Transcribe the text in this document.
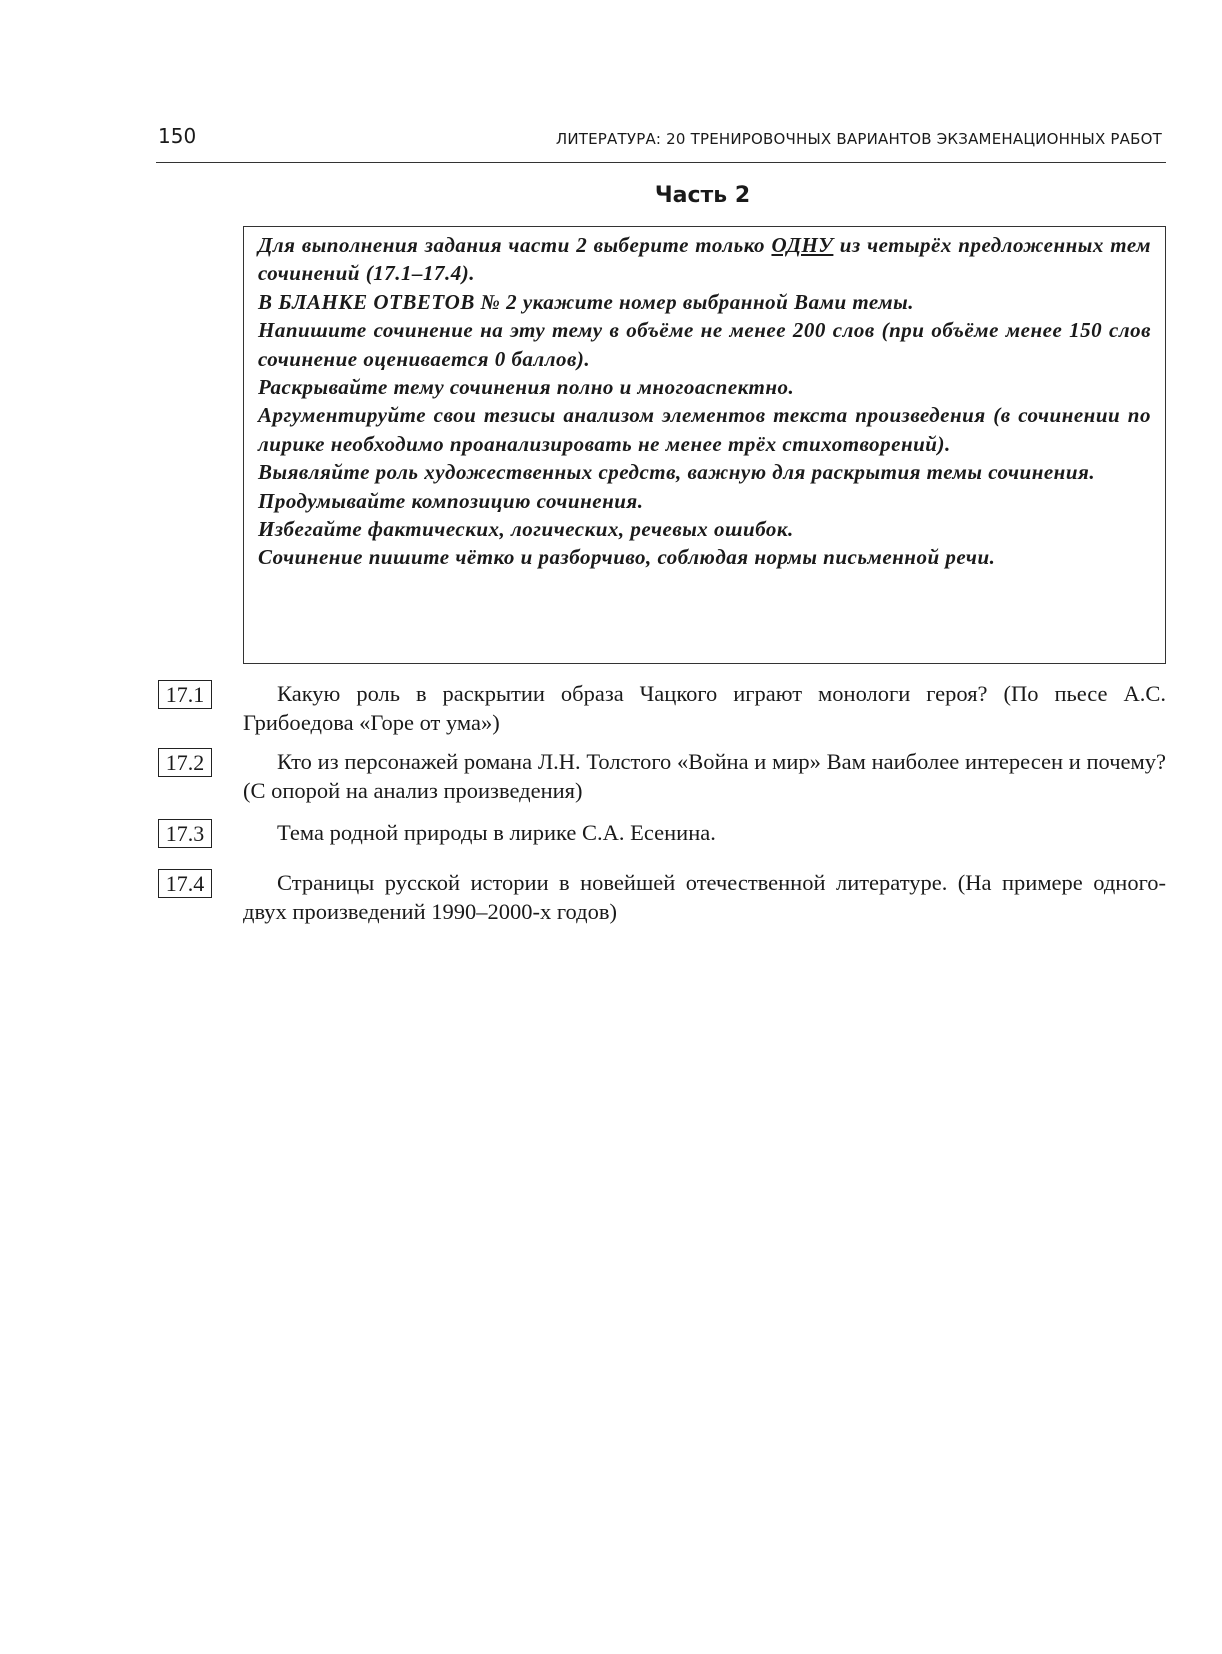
150	ЛИТЕРАТУРА: 20 ТРЕНИРОВОЧНЫХ ВАРИАНТОВ ЭКЗАМЕНАЦИОННЫХ РАБОТ
Часть 2
Для выполнения задания части 2 выберите только ОДНУ из четырёх предложенных тем сочинений (17.1–17.4).
В БЛАНКЕ ОТВЕТОВ № 2 укажите номер выбранной Вами темы.
Напишите сочинение на эту тему в объёме не менее 200 слов (при объёме менее 150 слов сочинение оценивается 0 баллов).
Раскрывайте тему сочинения полно и многоаспектно.
Аргументируйте свои тезисы анализом элементов текста произведения (в сочинении по лирике необходимо проанализировать не менее трёх стихотворений).
Выявляйте роль художественных средств, важную для раскрытия темы сочинения.
Продумывайте композицию сочинения.
Избегайте фактических, логических, речевых ошибок.
Сочинение пишите чётко и разборчиво, соблюдая нормы письменной речи.
17.1	Какую роль в раскрытии образа Чацкого играют монологи героя? (По пьесе А.С. Грибоедова «Горе от ума»)
17.2	Кто из персонажей романа Л.Н. Толстого «Война и мир» Вам наиболее интересен и почему? (С опорой на анализ произведения)
17.3	Тема родной природы в лирике С.А. Есенина.
17.4	Страницы русской истории в новейшей отечественной литературе. (На примере одного-двух произведений 1990–2000-х годов)
